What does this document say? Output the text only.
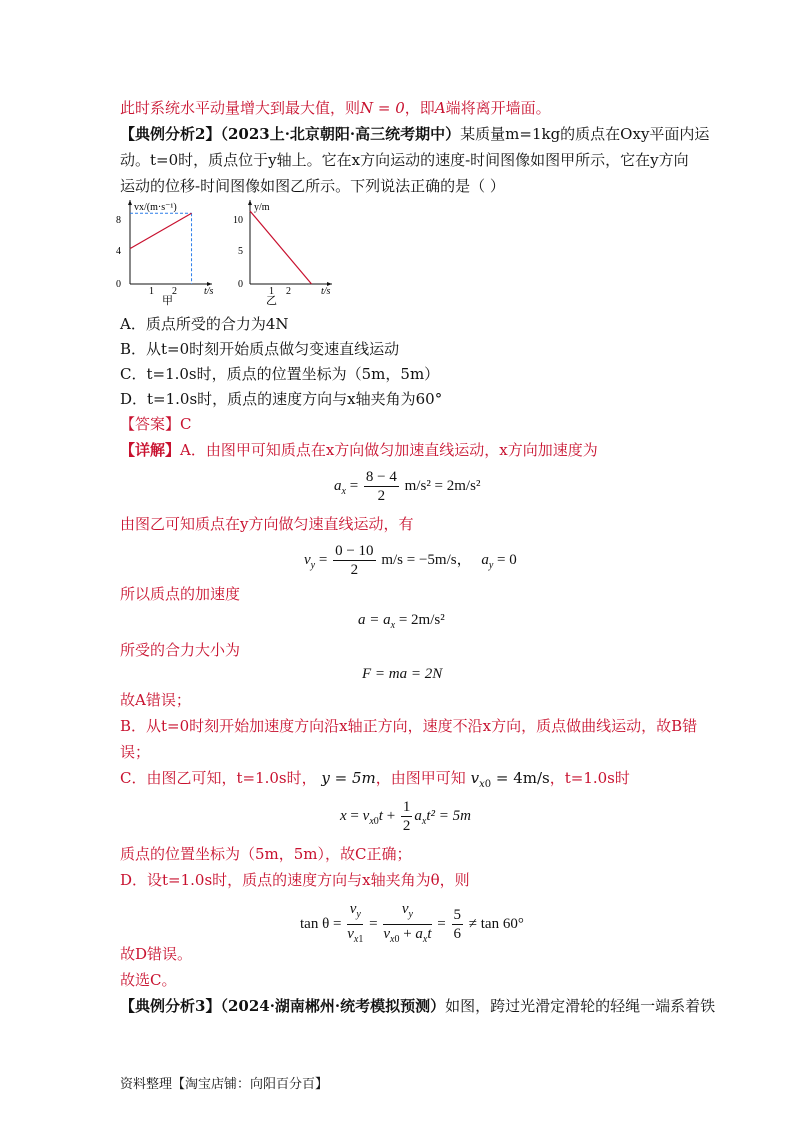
此时系统水平动量增大到最大值，则N = 0，即A端将离开墙面。
【典例分析2】（2023上·北京朝阳·高三统考期中）某质量m=1kg的质点在Oxy平面内运
动。t=0时，质点位于y轴上。它在x方向运动的速度-时间图像如图甲所示，它在y方向
运动的位移-时间图像如图乙所示。下列说法正确的是（ ）
vx/(m·s⁻¹)
8
4
0
1 2	t/s
甲
y/m
10
5
0
1 2	t/s
乙
A．质点所受的合力为4N
B．从t=0时刻开始质点做匀变速直线运动
C．t=1.0s时，质点的位置坐标为（5m，5m）
D．t=1.0s时，质点的速度方向与x轴夹角为60°
【答案】C
【详解】A．由图甲可知质点在x方向做匀加速直线运动，x方向加速度为
$a_x = \frac{8 - 4}{2} m/s^2 = 2m/s^2$
由图乙可知质点在y方向做匀速直线运动，有
$v_y = \frac{0 - 10}{2} m/s = -5m/s$， $a_y = 0$
所以质点的加速度
$a = a_x = 2m/s^2$
所受的合力大小为
F = ma = 2N
故A错误；
B．从t=0时刻开始加速度方向沿x轴正方向，速度不沿x方向，质点做曲线运动，故B错
误；
C．由图乙可知，t=1.0s时， y = 5m，由图甲可知 $v_{x0} = 4m/s$，t=1.0s时
$x = v_{x0}t + \frac{1}{2} a_xt^2 = 5m$
质点的位置坐标为（5m，5m），故C正确；
D．设t=1.0s时，质点的速度方向与x轴夹角为θ，则
$\tan \theta = \frac{v_y}{v_{x1}} = \frac{v_y}{v_{x0} + a_xt} = \frac{5}{6} \ne \tan 60^\circ$
故D错误。
故选C。
【典例分析3】（2024·湖南郴州·统考模拟预测）如图，跨过光滑定滑轮的轻绳一端系着铁
资料整理【淘宝店铺：向阳百分百】
